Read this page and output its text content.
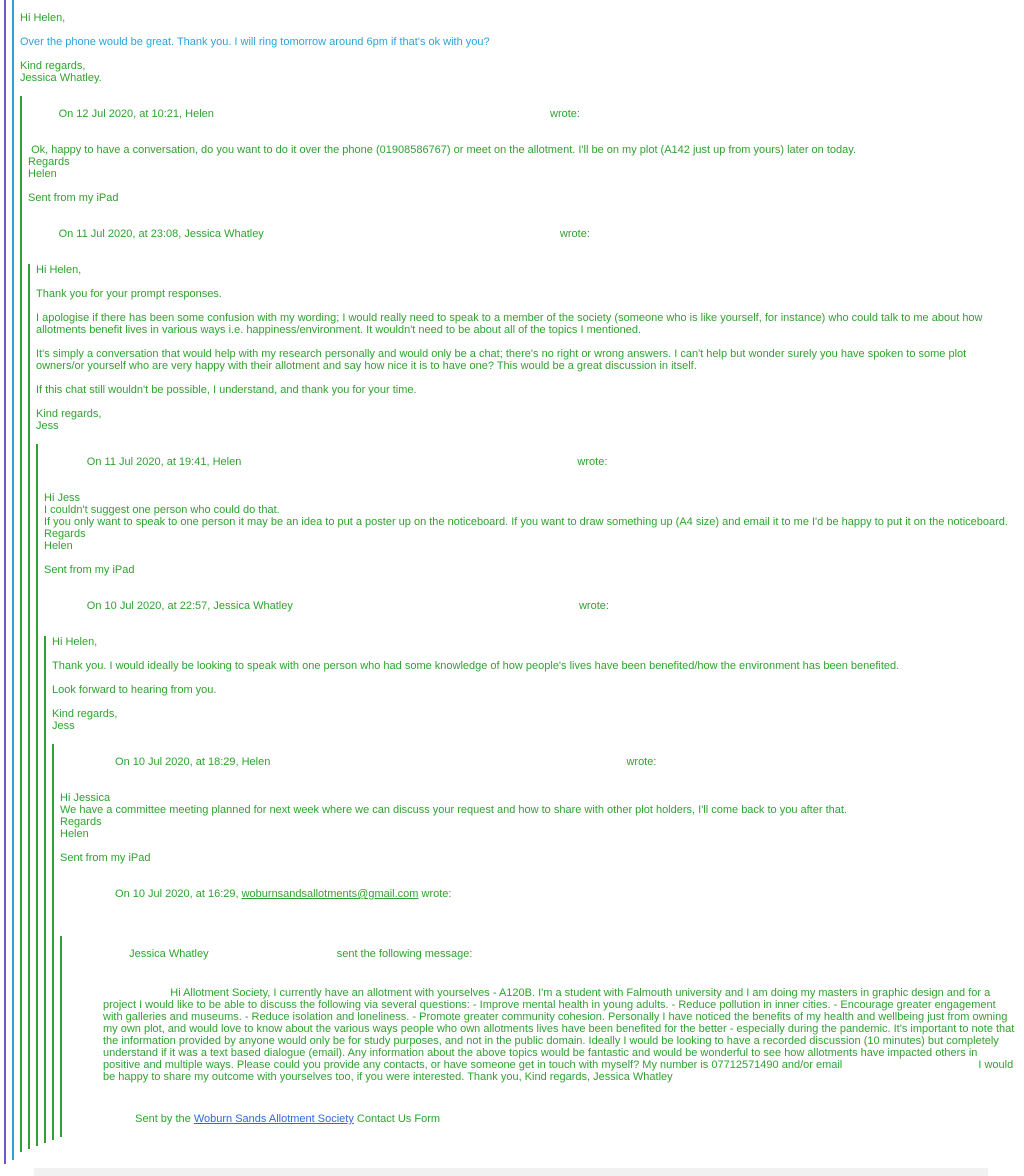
Hi Helen,
Over the phone would be great. Thank you. I will ring tomorrow around 6pm if that's ok with you?
Kind regards,
Jessica Whatley.

On 12 Jul 2020, at 10:21, Helen	wrote:

Ok, happy to have a conversation, do you want to do it over the phone (01908586767) or meet on the allotment. I'll be on my plot (A142 just up from yours) later on today.
Regards
Helen
Sent from my iPad

On 11 Jul 2020, at 23:08, Jessica Whatley	wrote:

Hi Helen,
Thank you for your prompt responses.
I apologise if there has been some confusion with my wording; I would really need to speak to a member of the society (someone who is like yourself, for instance) who could talk to me about how allotments benefit lives in various ways i.e. happiness/environment. It wouldn't need to be about all of the topics I mentioned.
It's simply a conversation that would help with my research personally and would only be a chat; there's no right or wrong answers. I can't help but wonder surely you have spoken to some plot owners/or yourself who are very happy with their allotment and say how nice it is to have one? This would be a great discussion in itself.
If this chat still wouldn't be possible, I understand, and thank you for your time.
Kind regards,
Jess

On 11 Jul 2020, at 19:41, Helen	wrote:

Hi Jess
I couldn't suggest one person who could do that.
If you only want to speak to one person it may be an idea to put a poster up on the noticeboard. If you want to draw something up (A4 size) and email it to me I'd be happy to put it on the noticeboard.
Regards
Helen
Sent from my iPad

On 10 Jul 2020, at 22:57, Jessica Whatley	wrote:

Hi Helen,
Thank you. I would ideally be looking to speak with one person who had some knowledge of how people's lives have been benefited/how the environment has been benefited.
Look forward to hearing from you.
Kind regards,
Jess

On 10 Jul 2020, at 18:29, Helen	wrote:

Hi Jessica
We have a committee meeting planned for next week where we can discuss your request and how to share with other plot holders, I'll come back to you after that.
Regards
Helen
Sent from my iPad

On 10 Jul 2020, at 16:29, woburnsandsallotments@gmail.com wrote:

Jessica Whatley	sent the following message:

Hi Allotment Society, I currently have an allotment with yourselves - A120B. I'm a student with Falmouth university and I am doing my masters in graphic design and for a project I would like to be able to discuss the following via several questions: - Improve mental health in young adults. - Reduce pollution in inner cities. - Encourage greater engagement with galleries and museums. - Reduce isolation and loneliness. - Promote greater community cohesion. Personally I have noticed the benefits of my health and wellbeing just from owning my own plot, and would love to know about the various ways people who own allotments lives have been benefited for the better - especially during the pandemic. It's important to note that the information provided by anyone would only be for study purposes, and not in the public domain. Ideally I would be looking to have a recorded discussion (10 minutes) but completely understand if it was a text based dialogue (email). Any information about the above topics would be fantastic and would be wonderful to see how allotments have impacted others in positive and multiple ways. Please could you provide any contacts, or have someone get in touch with myself? My number is 07712571490 and/or email	I would be happy to share my outcome with yourselves too, if you were interested. Thank you, Kind regards, Jessica Whatley

Sent by the Woburn Sands Allotment Society Contact Us Form
